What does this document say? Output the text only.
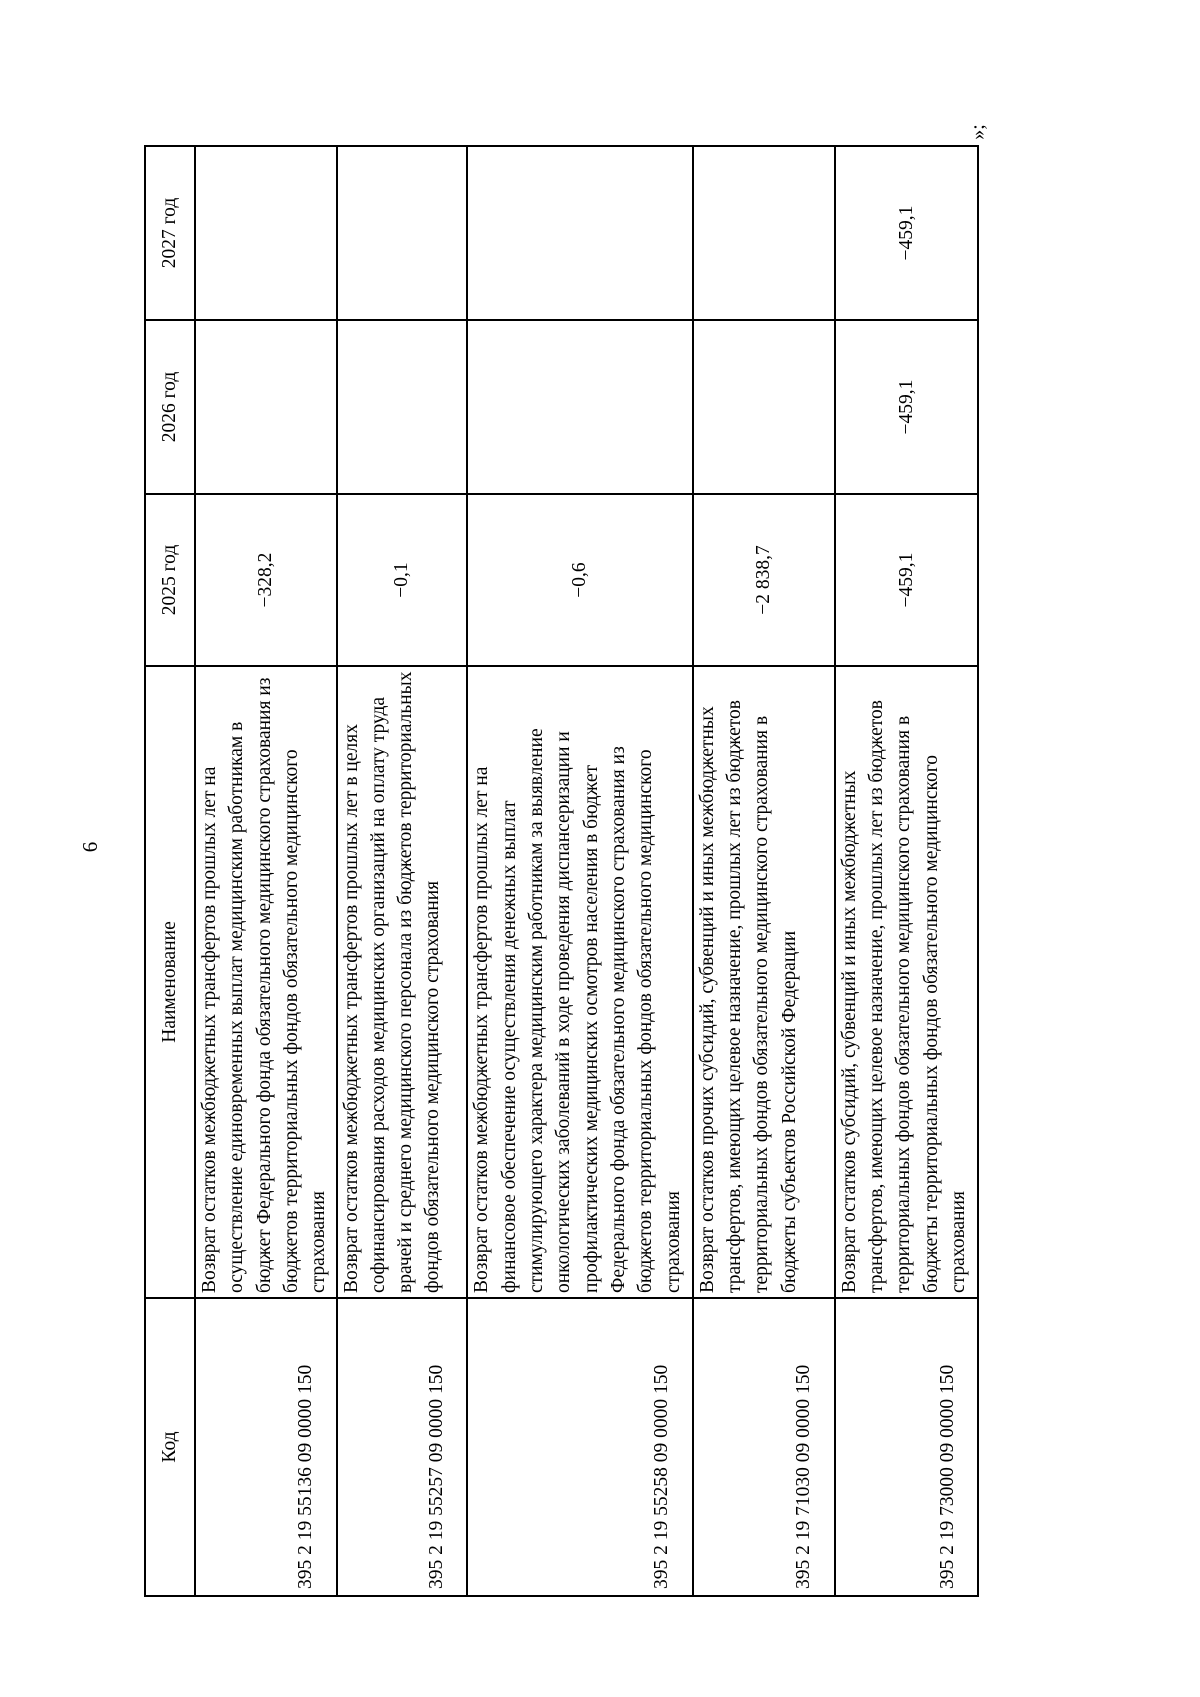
6
»;
Код	Наименование	2025 год	2026 год	2027 год
395 2 19 55136 09 0000 150	Возврат остатков межбюджетных трансфертов прошлых лет на осуществление единовременных выплат медицинским работникам в бюджет Федерального фонда обязательного медицинского страхования из бюджетов территориальных фондов обязательного медицинского страхования	−328,2		
395 2 19 55257 09 0000 150	Возврат остатков межбюджетных трансфертов прошлых лет в целях софинансирования расходов медицинских организаций на оплату труда врачей и среднего медицинского персонала из бюджетов территориальных фондов обязательного медицинского страхования	−0,1		
395 2 19 55258 09 0000 150	Возврат остатков межбюджетных трансфертов прошлых лет на финансовое обеспечение осуществления денежных выплат стимулирующего характера медицинским работникам за выявление онкологических заболеваний в ходе проведения диспансеризации и профилактических медицинских осмотров населения в бюджет Федерального фонда обязательного медицинского страхования из бюджетов территориальных фондов обязательного медицинского страхования	−0,6		
395 2 19 71030 09 0000 150	Возврат остатков прочих субсидий, субвенций и иных межбюджетных трансфертов, имеющих целевое назначение, прошлых лет из бюджетов территориальных фондов обязательного медицинского страхования в бюджеты субъектов Российской Федерации	−2 838,7		
395 2 19 73000 09 0000 150	Возврат остатков субсидий, субвенций и иных межбюджетных трансфертов, имеющих целевое назначение, прошлых лет из бюджетов территориальных фондов обязательного медицинского страхования в бюджеты территориальных фондов обязательного медицинского страхования	−459,1	−459,1	−459,1
